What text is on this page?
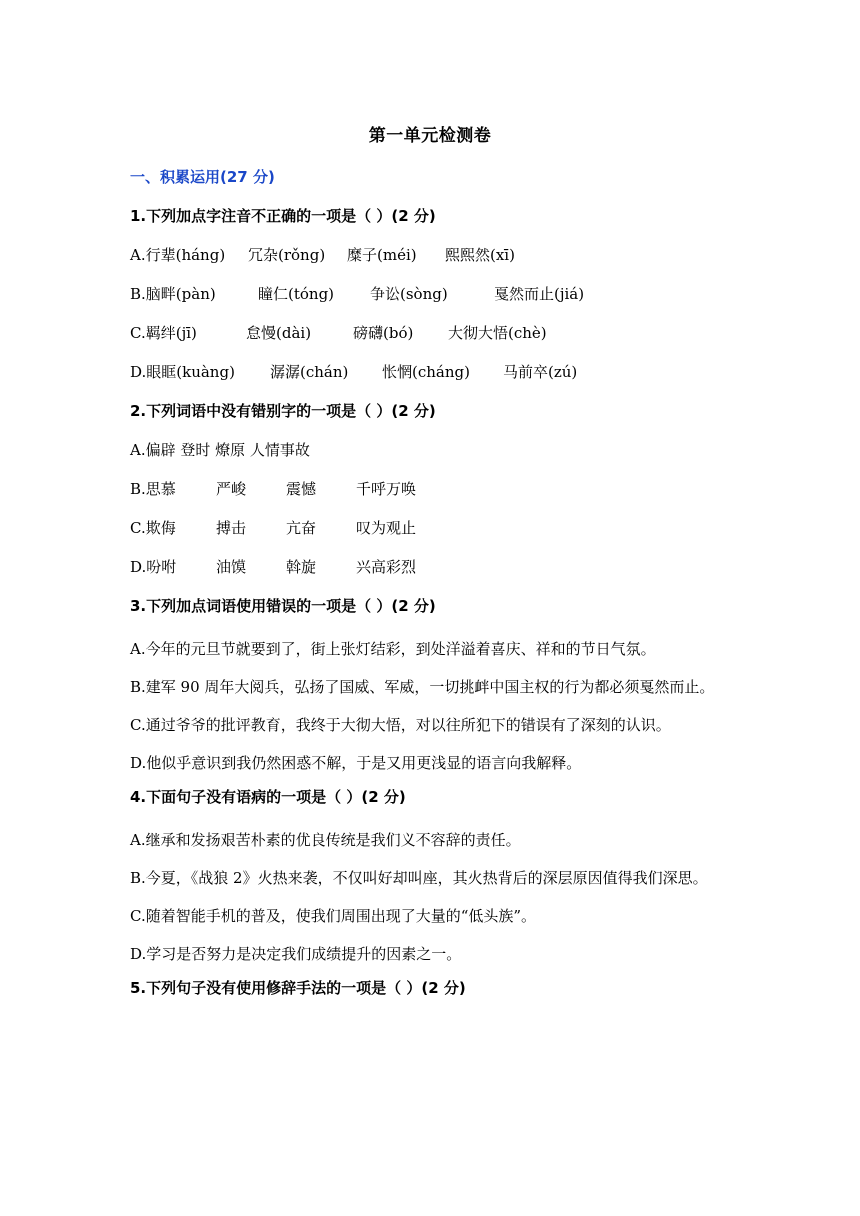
第一单元检测卷
一、积累运用(27 分)
1.下列加点字注音不正确的一项是（ ）(2 分)
A.行辈(háng) 冗杂(rǒng) 糜子(méi) 熙熙然(xī)
B.脑畔(pàn)	瞳仁(tóng) 争讼(sòng)	戛然而止(jiá)
C.羁绊(jī)	怠慢(dài)	磅礴(bó) 大彻大悟(chè)
D.眼眶(kuàng) 潺潺(chán) 怅惘(cháng) 马前卒(zú)
2.下列词语中没有错别字的一项是（ ）(2 分)
A.偏辟 登时 燎原 人情事故
B.思慕	严峻	震憾	千呼万唤
C.欺侮	搏击	亢奋	叹为观止
D.吩咐	油馍	斡旋	兴高彩烈
3.下列加点词语使用错误的一项是（ ）(2 分)
A.今年的元旦节就要到了，街上张灯结彩，到处洋溢着喜庆、祥和的节日气氛。
B.建军 90 周年大阅兵，弘扬了国威、军威，一切挑衅中国主权的行为都必须戛然而止。
C.通过爷爷的批评教育，我终于大彻大悟，对以往所犯下的错误有了深刻的认识。
D.他似乎意识到我仍然困惑不解，于是又用更浅显的语言向我解释。
4.下面句子没有语病的一项是（ ）(2 分)
A.继承和发扬艰苦朴素的优良传统是我们义不容辞的责任。
B.今夏，《战狼 2》火热来袭，不仅叫好却叫座，其火热背后的深层原因值得我们深思。
C.随着智能手机的普及，使我们周围出现了大量的“低头族”。
D.学习是否努力是决定我们成绩提升的因素之一。
5.下列句子没有使用修辞手法的一项是（ ）(2 分)
